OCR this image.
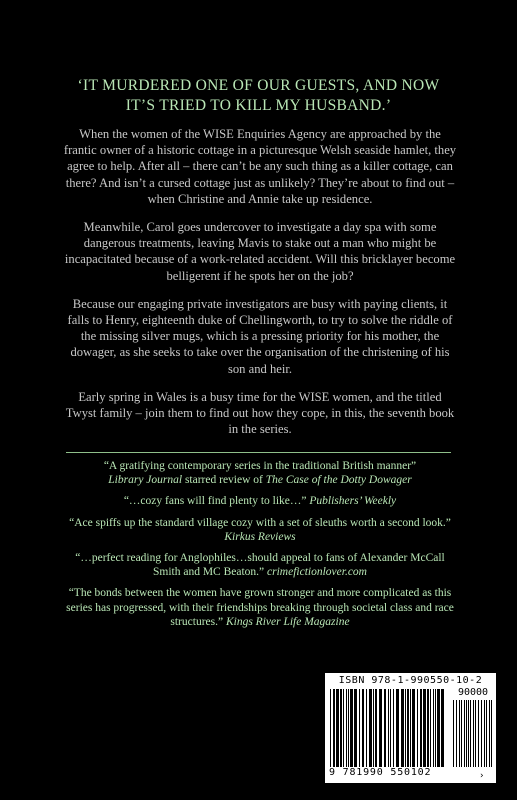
‘IT MURDERED ONE OF OUR GUESTS, AND NOW
IT’S TRIED TO KILL MY HUSBAND.’

When the women of the WISE Enquiries Agency are approached by the frantic owner of a historic cottage in a picturesque Welsh seaside hamlet, they agree to help. After all – there can’t be any such thing as a killer cottage, can there? And isn’t a cursed cottage just as unlikely? They’re about to find out – when Christine and Annie take up residence.

Meanwhile, Carol goes undercover to investigate a day spa with some dangerous treatments, leaving Mavis to stake out a man who might be incapacitated because of a work-related accident. Will this bricklayer become belligerent if he spots her on the job?

Because our engaging private investigators are busy with paying clients, it falls to Henry, eighteenth duke of Chellingworth, to try to solve the riddle of the missing silver mugs, which is a pressing priority for his mother, the dowager, as she seeks to take over the organisation of the christening of his son and heir.

Early spring in Wales is a busy time for the WISE women, and the titled Twyst family – join them to find out how they cope, in this, the seventh book in the series.

“A gratifying contemporary series in the traditional British manner”
Library Journal starred review of The Case of the Dotty Dowager
“…cozy fans will find plenty to like…” Publishers’ Weekly
“Ace spiffs up the standard village cozy with a set of sleuths worth a second look.” Kirkus Reviews
“…perfect reading for Anglophiles…should appeal to fans of Alexander McCall Smith and MC Beaton.” crimefictionlover.com
“The bonds between the women have grown stronger and more complicated as this series has progressed, with their friendships breaking through societal class and race structures.” Kings River Life Magazine
ISBN 978-1-990550-10-2
90000
9 781990 550102	›
